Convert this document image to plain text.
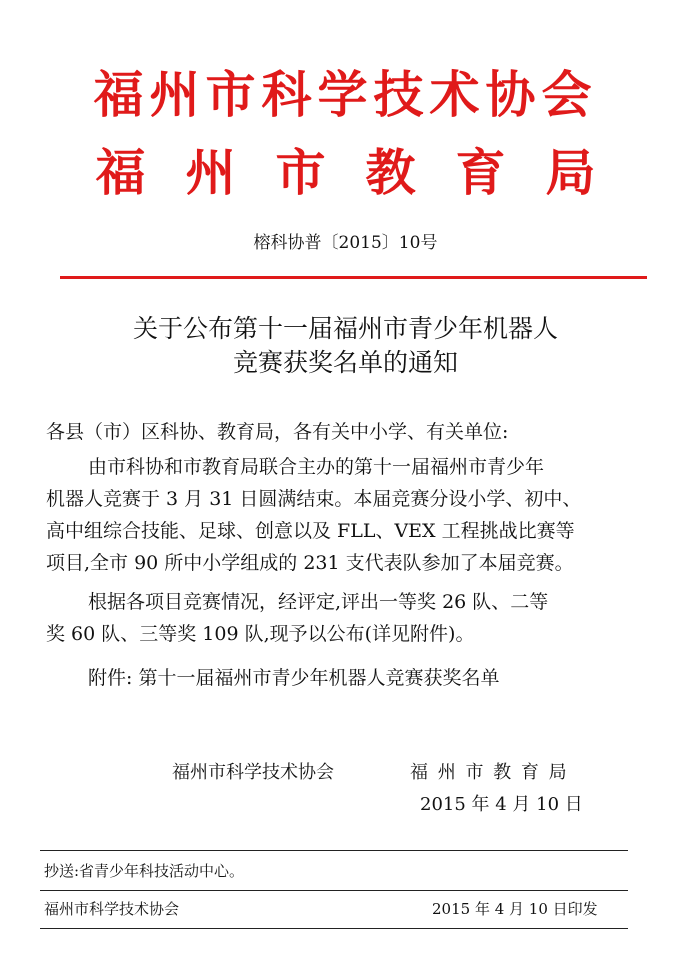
福州市科学技术协会
福州市教育局
榕科协普〔2015〕10号
关于公布第十一届福州市青少年机器人
竞赛获奖名单的通知
各县（市）区科协、教育局，各有关中小学、有关单位:
由市科协和市教育局联合主办的第十一届福州市青少年
机器人竞赛于 3 月 31 日圆满结束。本届竞赛分设小学、初中、
高中组综合技能、足球、创意以及 FLL、VEX 工程挑战比赛等
项目,全市 90 所中小学组成的 231 支代表队参加了本届竞赛。
根据各项目竞赛情况，经评定,评出一等奖 26 队、二等
奖 60 队、三等奖 109 队,现予以公布(详见附件)。
附件: 第十一届福州市青少年机器人竞赛获奖名单
福州市科学技术协会	福 州 市 教 育 局
2015 年 4 月 10 日
抄送:省青少年科技活动中心。
福州市科学技术协会	2015 年 4 月 10 日印发
